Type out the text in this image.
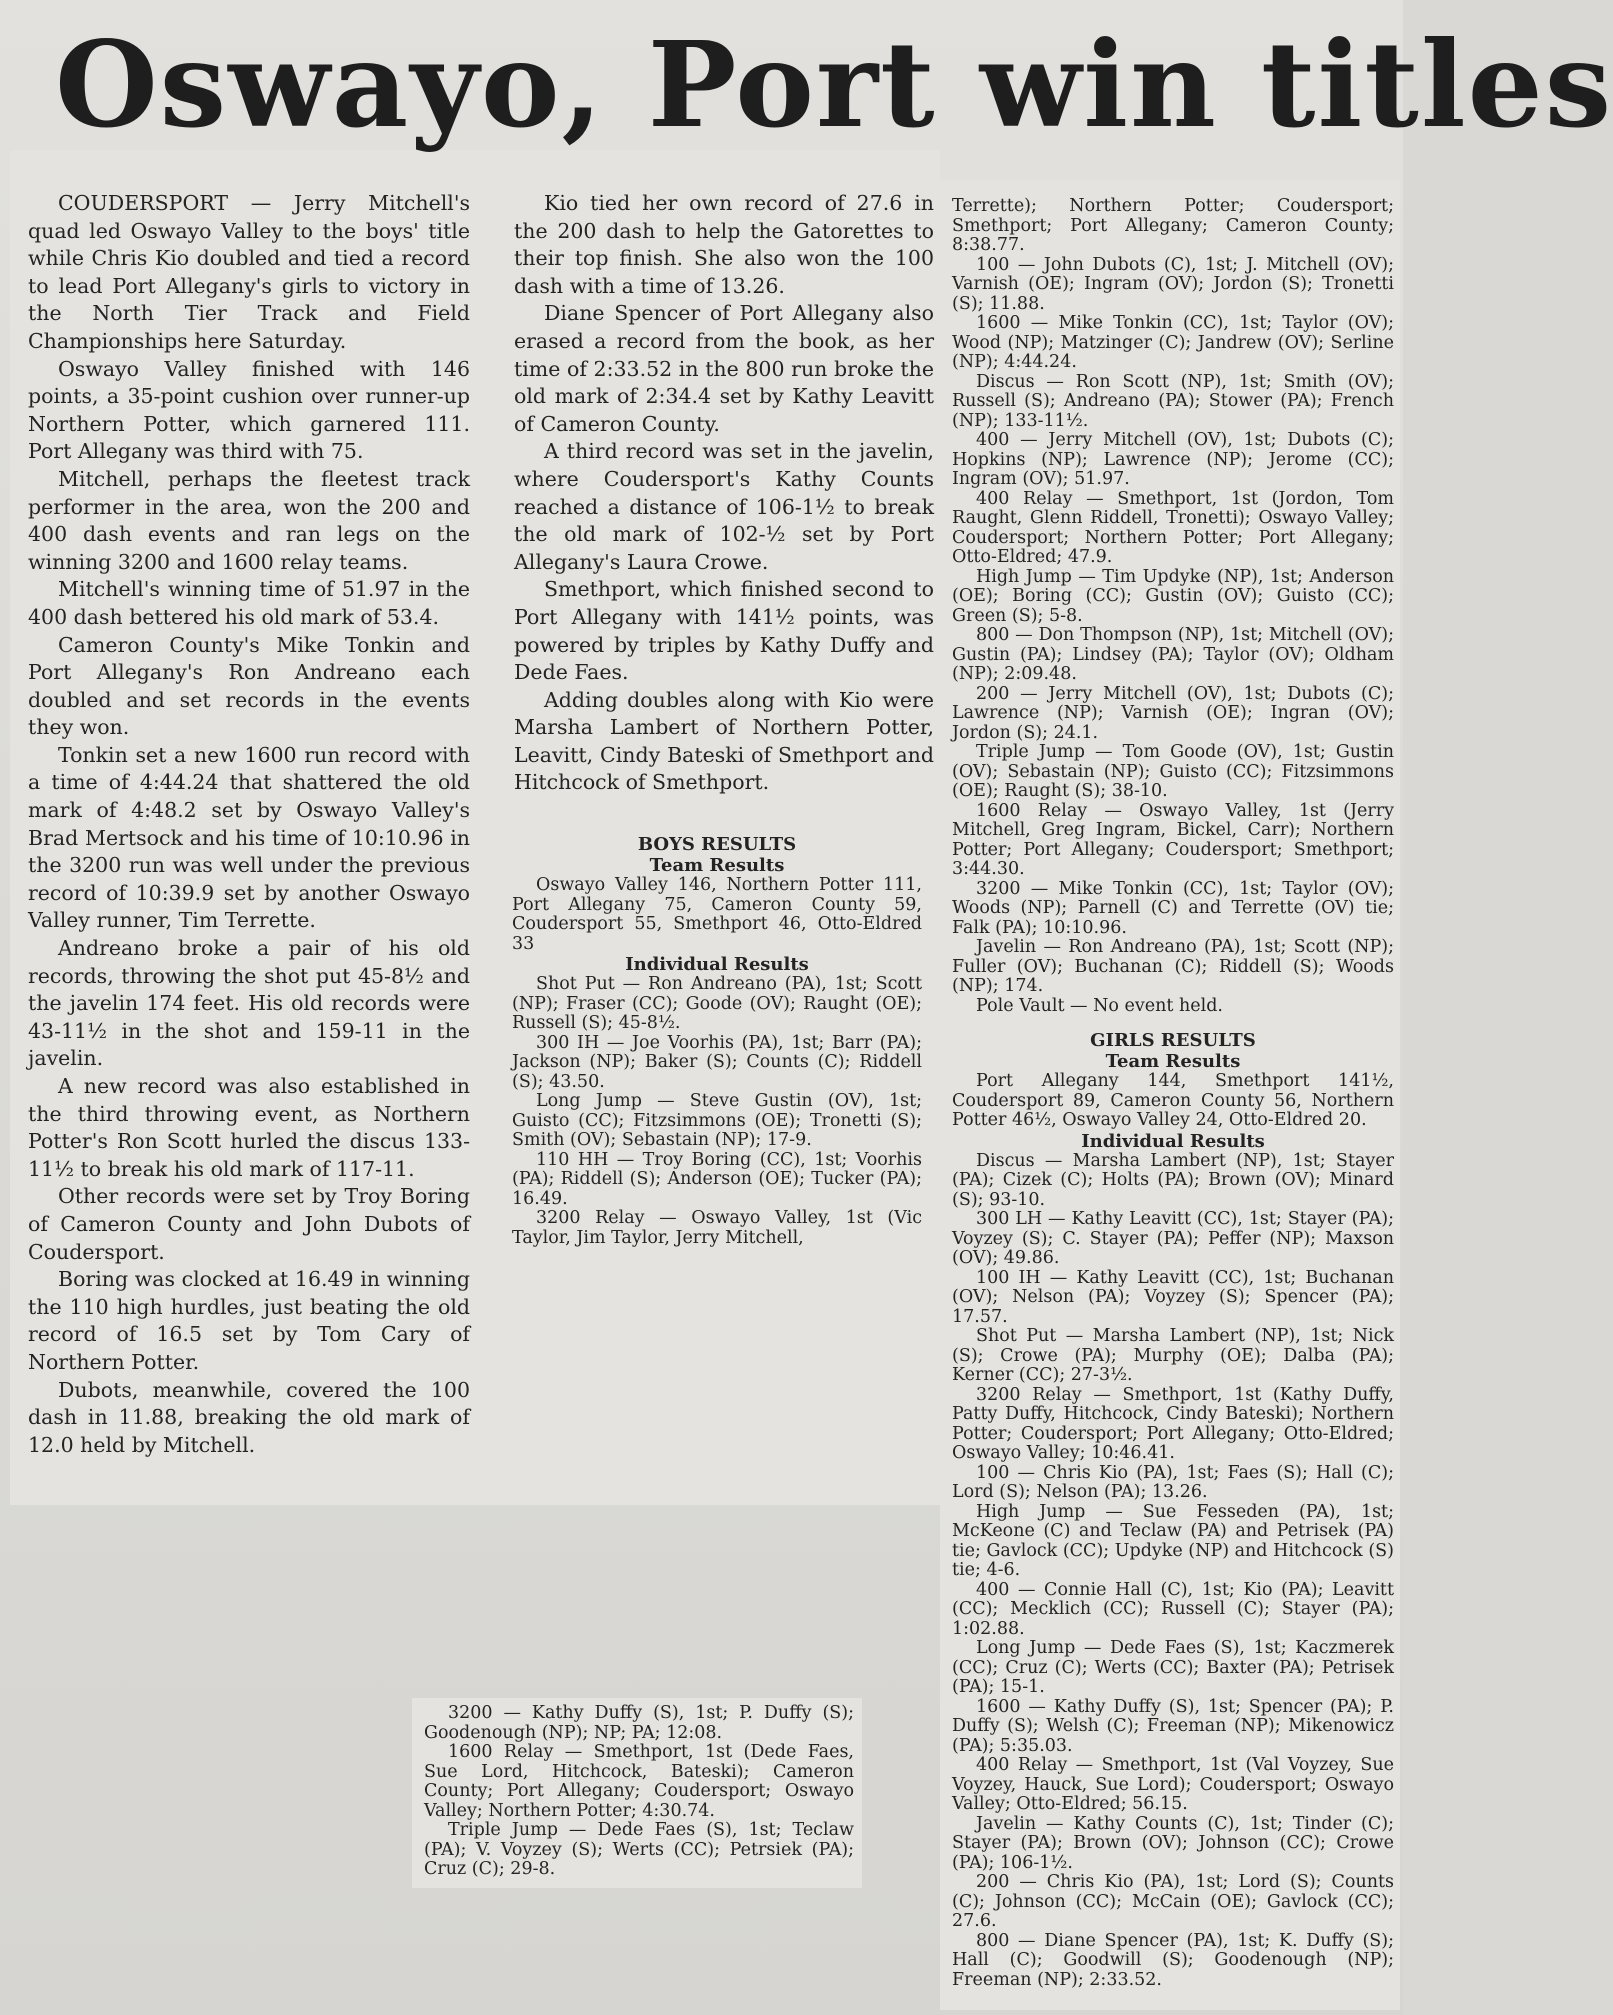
Oswayo, Port win titles

COUDERSPORT — Jerry Mitchell's quad led Oswayo Valley to the boys' title while Chris Kio doubled and tied a record to lead Port Allegany's girls to victory in the North Tier Track and Field Championships here Saturday.

Oswayo Valley finished with 146 points, a 35-point cushion over runner-up Northern Potter, which garnered 111. Port Allegany was third with 75.

Mitchell, perhaps the fleetest track performer in the area, won the 200 and 400 dash events and ran legs on the winning 3200 and 1600 relay teams.

Mitchell's winning time of 51.97 in the 400 dash bettered his old mark of 53.4.

Cameron County's Mike Tonkin and Port Allegany's Ron Andreano each doubled and set records in the events they won.

Tonkin set a new 1600 run record with a time of 4:44.24 that shattered the old mark of 4:48.2 set by Oswayo Valley's Brad Mertsock and his time of 10:10.96 in the 3200 run was well under the previous record of 10:39.9 set by another Oswayo Valley runner, Tim Terrette.

Andreano broke a pair of his old records, throwing the shot put 45-8½ and the javelin 174 feet. His old records were 43-11½ in the shot and 159-11 in the javelin.

A new record was also established in the third throwing event, as Northern Potter's Ron Scott hurled the discus 133-11½ to break his old mark of 117-11.

Other records were set by Troy Boring of Cameron County and John Dubots of Coudersport.

Boring was clocked at 16.49 in winning the 110 high hurdles, just beating the old record of 16.5 set by Tom Cary of Northern Potter.

Dubots, meanwhile, covered the 100 dash in 11.88, breaking the old mark of 12.0 held by Mitchell.

Kio tied her own record of 27.6 in the 200 dash to help the Gatorettes to their top finish. She also won the 100 dash with a time of 13.26.

Diane Spencer of Port Allegany also erased a record from the book, as her time of 2:33.52 in the 800 run broke the old mark of 2:34.4 set by Kathy Leavitt of Cameron County.

A third record was set in the javelin, where Coudersport's Kathy Counts reached a distance of 106-1½ to break the old mark of 102-½ set by Port Allegany's Laura Crowe.

Smethport, which finished second to Port Allegany with 141½ points, was powered by triples by Kathy Duffy and Dede Faes.

Adding doubles along with Kio were Marsha Lambert of Northern Potter, Leavitt, Cindy Bateski of Smethport and Hitchcock of Smethport.

BOYS RESULTS
Team Results

Oswayo Valley 146, Northern Potter 111, Port Allegany 75, Cameron County 59, Coudersport 55, Smethport 46, Otto-Eldred 33

Individual Results

Shot Put — Ron Andreano (PA), 1st; Scott (NP); Fraser (CC); Goode (OV); Raught (OE); Russell (S); 45-8½.

300 IH — Joe Voorhis (PA), 1st; Barr (PA); Jackson (NP); Baker (S); Counts (C); Riddell (S); 43.50.

Long Jump — Steve Gustin (OV), 1st; Guisto (CC); Fitzsimmons (OE); Tronetti (S); Smith (OV); Sebastain (NP); 17-9.

110 HH — Troy Boring (CC), 1st; Voorhis (PA); Riddell (S); Anderson (OE); Tucker (PA); 16.49.

3200 Relay — Oswayo Valley, 1st (Vic Taylor, Jim Taylor, Jerry Mitchell,

Terrette); Northern Potter; Coudersport; Smethport; Port Allegany; Cameron County; 8:38.77.

100 — John Dubots (C), 1st; J. Mitchell (OV); Varnish (OE); Ingram (OV); Jordon (S); Tronetti (S); 11.88.

1600 — Mike Tonkin (CC), 1st; Taylor (OV); Wood (NP); Matzinger (C); Jandrew (OV); Serline (NP); 4:44.24.

Discus — Ron Scott (NP), 1st; Smith (OV); Russell (S); Andreano (PA); Stower (PA); French (NP); 133-11½.

400 — Jerry Mitchell (OV), 1st; Dubots (C); Hopkins (NP); Lawrence (NP); Jerome (CC); Ingram (OV); 51.97.

400 Relay — Smethport, 1st (Jordon, Tom Raught, Glenn Riddell, Tronetti); Oswayo Valley; Coudersport; Northern Potter; Port Allegany; Otto-Eldred; 47.9.

High Jump — Tim Updyke (NP), 1st; Anderson (OE); Boring (CC); Gustin (OV); Guisto (CC); Green (S); 5-8.

800 — Don Thompson (NP), 1st; Mitchell (OV); Gustin (PA); Lindsey (PA); Taylor (OV); Oldham (NP); 2:09.48.

200 — Jerry Mitchell (OV), 1st; Dubots (C); Lawrence (NP); Varnish (OE); Ingran (OV); Jordon (S); 24.1.

Triple Jump — Tom Goode (OV), 1st; Gustin (OV); Sebastain (NP); Guisto (CC); Fitzsimmons (OE); Raught (S); 38-10.

1600 Relay — Oswayo Valley, 1st (Jerry Mitchell, Greg Ingram, Bickel, Carr); Northern Potter; Port Allegany; Coudersport; Smethport; 3:44.30.

3200 — Mike Tonkin (CC), 1st; Taylor (OV); Woods (NP); Parnell (C) and Terrette (OV) tie; Falk (PA); 10:10.96.

Javelin — Ron Andreano (PA), 1st; Scott (NP); Fuller (OV); Buchanan (C); Riddell (S); Woods (NP); 174.

Pole Vault — No event held.

GIRLS RESULTS
Team Results

Port Allegany 144, Smethport 141½, Coudersport 89, Cameron County 56, Northern Potter 46½, Oswayo Valley 24, Otto-Eldred 20.

Individual Results

Discus — Marsha Lambert (NP), 1st; Stayer (PA); Cizek (C); Holts (PA); Brown (OV); Minard (S); 93-10.

300 LH — Kathy Leavitt (CC), 1st; Stayer (PA); Voyzey (S); C. Stayer (PA); Peffer (NP); Maxson (OV); 49.86.

100 IH — Kathy Leavitt (CC), 1st; Buchanan (OV); Nelson (PA); Voyzey (S); Spencer (PA); 17.57.

Shot Put — Marsha Lambert (NP), 1st; Nick (S); Crowe (PA); Murphy (OE); Dalba (PA); Kerner (CC); 27-3½.

3200 Relay — Smethport, 1st (Kathy Duffy, Patty Duffy, Hitchcock, Cindy Bateski); Northern Potter; Coudersport; Port Allegany; Otto-Eldred; Oswayo Valley; 10:46.41.

100 — Chris Kio (PA), 1st; Faes (S); Hall (C); Lord (S); Nelson (PA); 13.26.

High Jump — Sue Fesseden (PA), 1st; McKeone (C) and Teclaw (PA) and Petrisek (PA) tie; Gavlock (CC); Updyke (NP) and Hitchcock (S) tie; 4-6.

400 — Connie Hall (C), 1st; Kio (PA); Leavitt (CC); Mecklich (CC); Russell (C); Stayer (PA); 1:02.88.

Long Jump — Dede Faes (S), 1st; Kaczmerek (CC); Cruz (C); Werts (CC); Baxter (PA); Petrisek (PA); 15-1.

1600 — Kathy Duffy (S), 1st; Spencer (PA); P. Duffy (S); Welsh (C); Freeman (NP); Mikenowicz (PA); 5:35.03.

400 Relay — Smethport, 1st (Val Voyzey, Sue Voyzey, Hauck, Sue Lord); Coudersport; Oswayo Valley; Otto-Eldred; 56.15.

Javelin — Kathy Counts (C), 1st; Tinder (C); Stayer (PA); Brown (OV); Johnson (CC); Crowe (PA); 106-1½.

200 — Chris Kio (PA), 1st; Lord (S); Counts (C); Johnson (CC); McCain (OE); Gavlock (CC); 27.6.

800 — Diane Spencer (PA), 1st; K. Duffy (S); Hall (C); Goodwill (S); Goodenough (NP); Freeman (NP); 2:33.52.

3200 — Kathy Duffy (S), 1st; P. Duffy (S); Goodenough (NP); NP; PA; 12:08.

1600 Relay — Smethport, 1st (Dede Faes, Sue Lord, Hitchcock, Bateski); Cameron County; Port Allegany; Coudersport; Oswayo Valley; Northern Potter; 4:30.74.

Triple Jump — Dede Faes (S), 1st; Teclaw (PA); V. Voyzey (S); Werts (CC); Petrsiek (PA); Cruz (C); 29-8.
